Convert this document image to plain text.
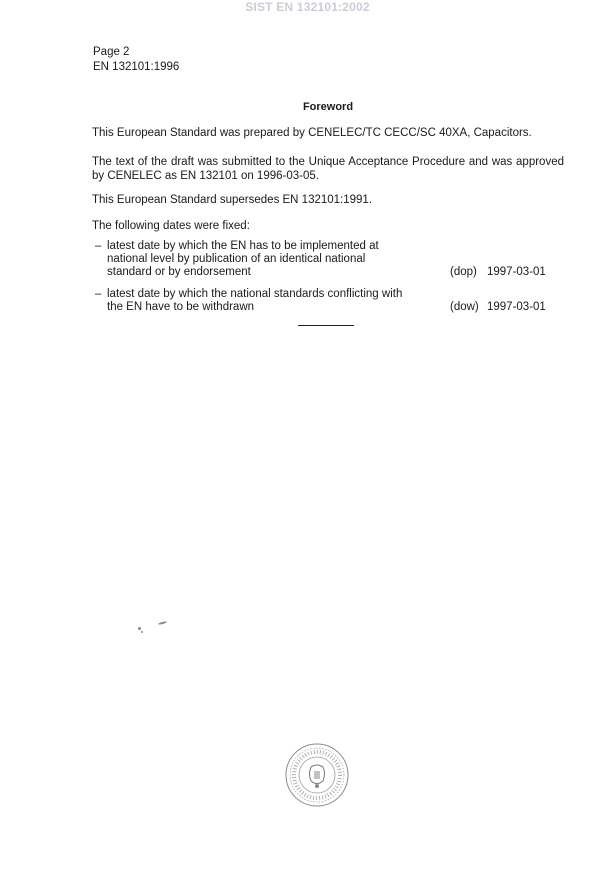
SIST EN 132101:2002
Page 2
EN 132101:1996
Foreword
This European Standard was prepared by CENELEC/TC CECC/SC 40XA, Capacitors.
The text of the draft was submitted to the Unique Acceptance Procedure and was approved by CENELEC as EN 132101 on 1996-03-05.
This European Standard supersedes EN 132101:1991.
The following dates were fixed:
– latest date by which the EN has to be implemented at national level by publication of an identical national standard or by endorsement	(dop) 1997-03-01
– latest date by which the national standards conflicting with the EN have to be withdrawn	(dow) 1997-03-01
